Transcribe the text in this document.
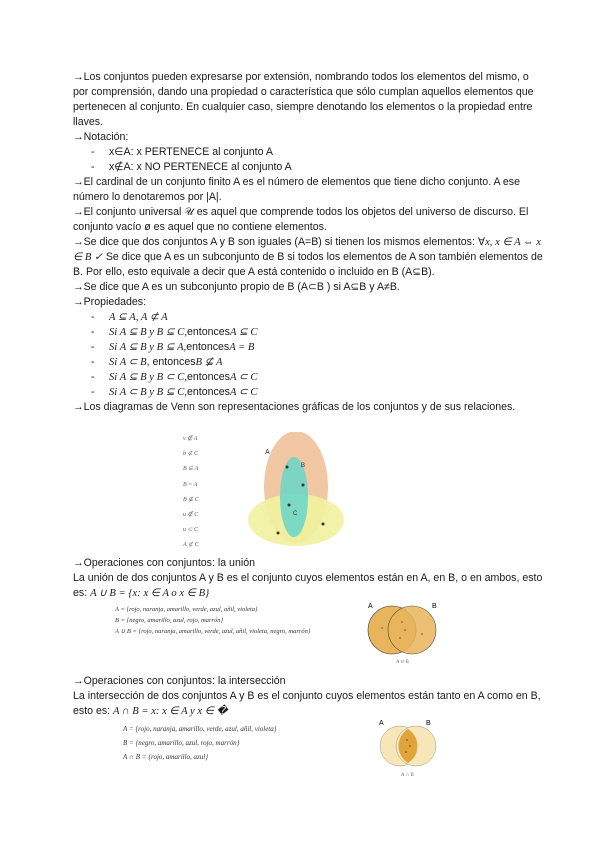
→Los conjuntos pueden expresarse por extensión, nombrando todos los elementos del mismo, o por comprensión, dando una propiedad o característica que sólo cumplan aquellos elementos que pertenecen al conjunto. En cualquier caso, siempre denotando los elementos o la propiedad entre llaves.

→Notación:

-	x∈A: x PERTENECE al conjunto A
-	x∉A: x NO PERTENECE al conjunto A

→El cardinal de un conjunto finito A es el número de elementos que tiene dicho conjunto. A ese número lo denotaremos por |A|.

→El conjunto universal 𝒰 es aquel que comprende todos los objetos del universo de discurso. El conjunto vacío ø es aquel que no contiene elementos.

→Se dice que dos conjuntos A y B son iguales (A=B) si tienen los mismos elementos: ∀x, x ∈ A ⇔ x ∈ B ✓ Se dice que A es un subconjunto de B si todos los elementos de A son también elementos de B. Por ello, esto equivale a decir que A está contenido o incluido en B (A⊆B).

→Se dice que A es un subconjunto propio de B (A⊂B ) si A⊆B y A≠B.

→Propiedades:

-	A ⊆ A, A ⊄ A
-	Si A ⊆ B y B ⊆ C, entonces A ⊆ C
-	Si A ⊆ B y B ⊆ A, entonces A = B
-	Si A ⊂ B , entonces B ⊈ A
-	Si A ⊆ B y B ⊂ C, entonces A ⊂ C
-	Si A ⊂ B y B ⊆ C, entonces A ⊂ C

→Los diagramas de Venn son representaciones gráficas de los conjuntos y de sus relaciones.

v ∉ A
b ⊄ C
B ⊆ A
B = A
B ⊈ C
u ∉ C
u ⊂ C
A ⊄ C
A
B
C

→Operaciones con conjuntos: la unión

La unión de dos conjuntos A y B es el conjunto cuyos elementos están en A, en B, o en ambos, esto es: A ∪ B = {x: x ∈ A o x ∈ B}

A = {rojo, naranja, amarillo, verde, azul, añil, violeta}
B = {negro, amarillo, azul, rojo, marrón}
A ∪ B = {rojo, naranja, amarillo, verde, azul, añil, violeta, negro, marrón}
A	B
A ∪ B

→Operaciones con conjuntos: la intersección

La intersección de dos conjuntos A y B es el conjunto cuyos elementos están tanto en A como en B, esto es: A ∩ B = x: x ∈ A y x ∈ �

A = {rojo, naranja, amarillo, verde, azul, añil, violeta}
B = {negro, amarillo, azul, rojo, marrón}
A ∩ B = {rojo, amarillo, azul}
A	B
A ∩ B
